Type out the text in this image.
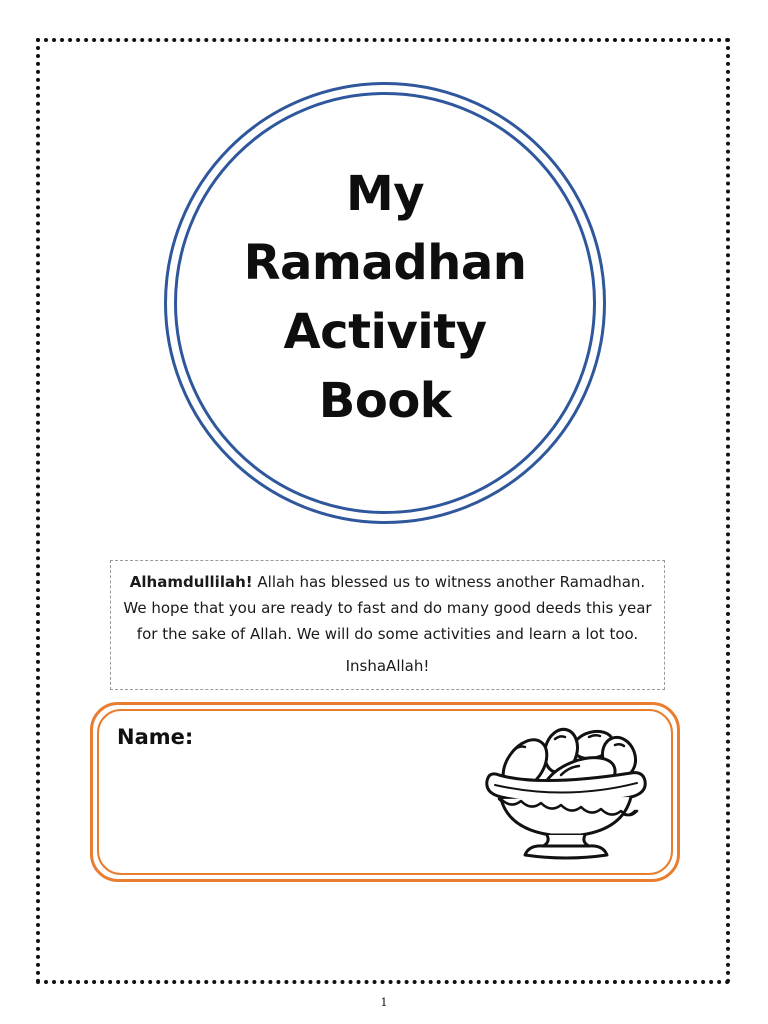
My
Ramadhan
Activity
Book

Alhamdullilah! Allah has blessed us to witness another Ramadhan.

We hope that you are ready to fast and do many good deeds this year

for the sake of Allah. We will do some activities and learn a lot too.

InshaAllah!

Name:
1
